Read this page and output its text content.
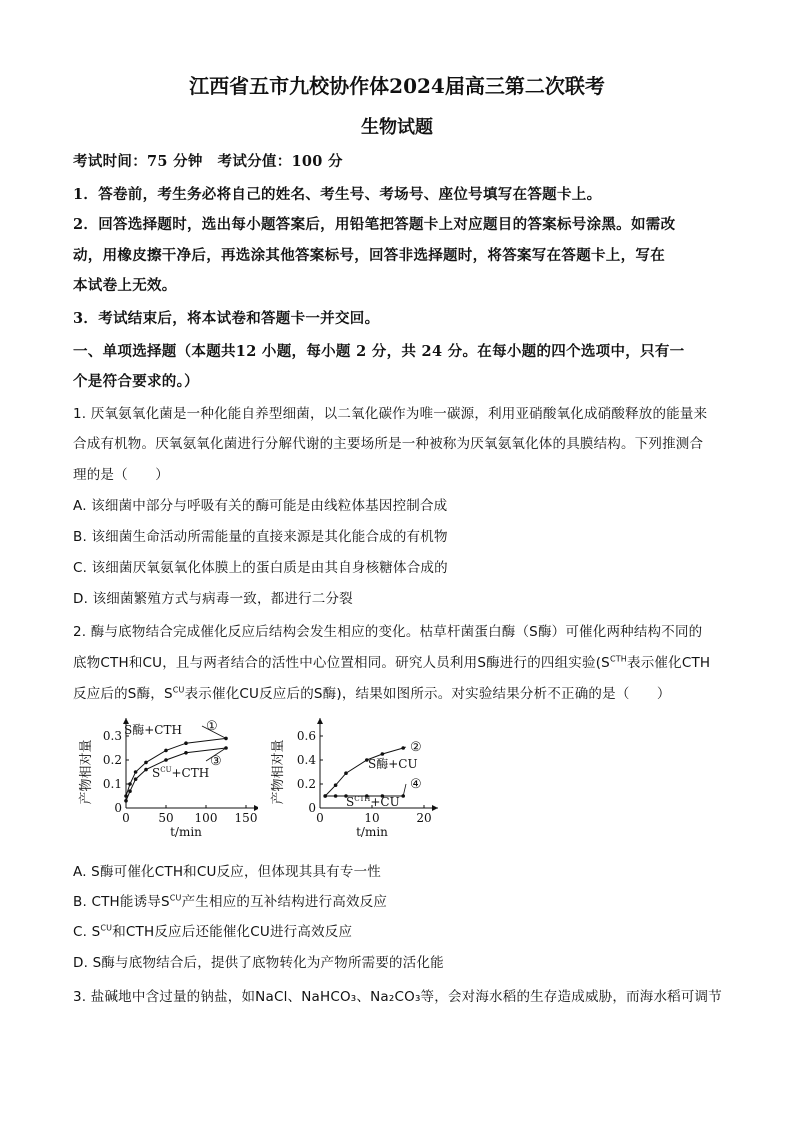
江西省五市九校协作体2024届高三第二次联考
生物试题
考试时间：75 分钟　考试分值：100 分
1．答卷前，考生务必将自己的姓名、考生号、考场号、座位号填写在答题卡上。
2．回答选择题时，选出每小题答案后，用铅笔把答题卡上对应题目的答案标号涂黑。如需改
动，用橡皮擦干净后，再选涂其他答案标号，回答非选择题时，将答案写在答题卡上，写在
本试卷上无效。
3．考试结束后，将本试卷和答题卡一并交回。
一、单项选择题（本题共12 小题，每小题 2 分，共 24 分。在每小题的四个选项中，只有一
个是符合要求的。）
1. 厌氧氨氧化菌是一种化能自养型细菌，以二氧化碳作为唯一碳源，利用亚硝酸氧化成硝酸释放的能量来
合成有机物。厌氧氨氧化菌进行分解代谢的主要场所是一种被称为厌氧氨氧化体的具膜结构。下列推测合
理的是（　　）
A. 该细菌中部分与呼吸有关的酶可能是由线粒体基因控制合成
B. 该细菌生命活动所需能量的直接来源是其化能合成的有机物
C. 该细菌厌氧氨氧化体膜上的蛋白质是由其自身核糖体合成的
D. 该细菌繁殖方式与病毒一致，都进行二分裂
2. 酶与底物结合完成催化反应后结构会发生相应的变化。枯草杆菌蛋白酶（S酶）可催化两种结构不同的
底物CTH和CU，且与两者结合的活性中心位置相同。研究人员利用S酶进行的四组实验($S^{CTH}$表示催化CTH
反应后的S酶，$S^{CU}$表示催化CU反应后的S酶)，结果如图所示。对实验结果分析不正确的是（　　）
产物相对量
0 50 100 150
0
0.1
0.2
0.3
t/min
S酶+CTH ①
$S^{CU}+CTH$
③	产物相对量
0	10	20
0
0.2
0.4
0.6
t/min
S酶+CU
②
$S^{CTH}+CU$
④
A. S酶可催化CTH和CU反应，但体现其具有专一性
B. CTH能诱导$S^{CU}$产生相应的互补结构进行高效反应
C. $S^{CU}$和CTH反应后还能催化CU进行高效反应
D. S酶与底物结合后，提供了底物转化为产物所需要的活化能
3. 盐碱地中含过量的钠盐，如NaCl、NaHCO₃、Na₂CO₃等，会对海水稻的生存造成威胁，而海水稻可调节
